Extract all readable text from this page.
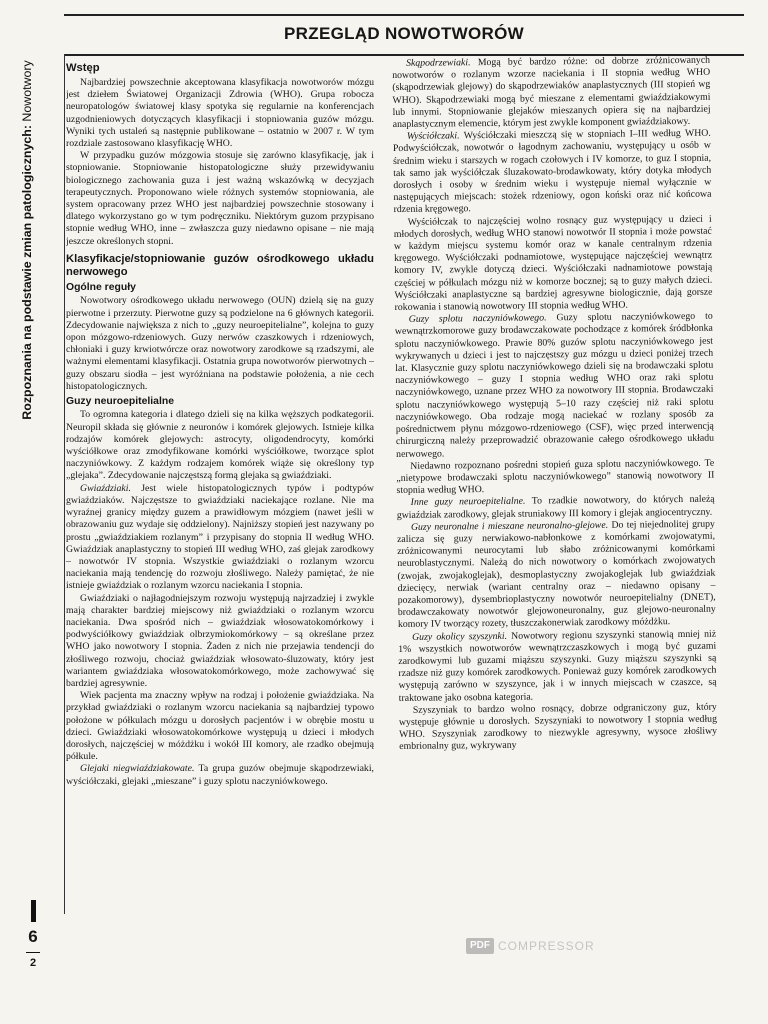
Rozpoznania na podstawie zmian patologicznych: Nowotwory
6
2
PRZEGLĄD NOWOTWORÓW
Wstęp

Najbardziej powszechnie akceptowana klasyfikacja nowotworów mózgu jest dziełem Światowej Organizacji Zdrowia (WHO). Grupa robocza neuropatologów światowej klasy spotyka się regularnie na konferencjach uzgodnieniowych dotyczących klasyfikacji i stopniowania guzów mózgu. Wyniki tych ustaleń są następnie publikowane – ostatnio w 2007 r. W tym rozdziale zastosowano klasyfikację WHO.

W przypadku guzów mózgowia stosuje się zarówno klasyfikację, jak i stopniowanie. Stopniowanie histopatologiczne służy przewidywaniu biologicznego zachowania guza i jest ważną wskazówką w decyzjach terapeutycznych. Proponowano wiele różnych systemów stopniowania, ale system opracowany przez WHO jest najbardziej powszechnie stosowany i dlatego wykorzystano go w tym podręczniku. Niektórym guzom przypisano stopnie według WHO, inne – zwłaszcza guzy niedawno opisane – nie mają jeszcze określonych stopni.

Klasyfikacje/stopniowanie guzów ośrodkowego układu nerwowego
Ogólne reguły

Nowotwory ośrodkowego układu nerwowego (OUN) dzielą się na guzy pierwotne i przerzuty. Pierwotne guzy są podzielone na 6 głównych kategorii. Zdecydowanie największa z nich to „guzy neuroepitelialne”, kolejna to guzy opon mózgowo-rdzeniowych. Guzy nerwów czaszkowych i rdzeniowych, chłoniaki i guzy krwiotwórcze oraz nowotwory zarodkowe są rzadszymi, ale ważnymi elementami klasyfikacji. Ostatnia grupa nowotworów pierwotnych – guzy obszaru siodła – jest wyróżniana na podstawie położenia, a nie cech histopatologicznych.

Guzy neuroepitelialne

To ogromna kategoria i dlatego dzieli się na kilka węższych podkategorii. Neuropil składa się głównie z neuronów i komórek glejowych. Istnieje kilka rodzajów komórek glejowych: astrocyty, oligodendrocyty, komórki wyściółkowe oraz zmodyfikowane komórki wyściółkowe, tworzące splot naczyniówkowy. Z każdym rodzajem komórek wiąże się określony typ „glejaka”. Zdecydowanie najczęstszą formą glejaka są gwiaździaki.

Gwiaździaki. Jest wiele histopatologicznych typów i podtypów gwiaździaków. Najczęstsze to gwiaździaki naciekające rozlane. Nie ma wyraźnej granicy między guzem a prawidłowym mózgiem (nawet jeśli w obrazowaniu guz wydaje się oddzielony). Najniższy stopień jest nazywany po prostu „gwiaździakiem rozlanym” i przypisany do stopnia II według WHO. Gwiaździak anaplastyczny to stopień III według WHO, zaś glejak zarodkowy – nowotwór IV stopnia. Wszystkie gwiaździaki o rozlanym wzorcu naciekania mają tendencję do rozwoju złośliwego. Należy pamiętać, że nie istnieje gwiaździak o rozlanym wzorcu naciekania I stopnia.

Gwiaździaki o najłagodniejszym rozwoju występują najrzadziej i zwykle mają charakter bardziej miejscowy niż gwiaździaki o rozlanym wzorcu naciekania. Dwa spośród nich – gwiaździak włosowatokomórkowy i podwyściółkowy gwiaździak olbrzymiokomórkowy – są określane przez WHO jako nowotwory I stopnia. Żaden z nich nie przejawia tendencji do złośliwego rozwoju, chociaż gwiaździak włosowato-śluzowaty, który jest wariantem gwiaździaka włosowatokomórkowego, może zachowywać się bardziej agresywnie.

Wiek pacjenta ma znaczny wpływ na rodzaj i położenie gwiaździaka. Na przykład gwiaździaki o rozlanym wzorcu naciekania są najbardziej typowo położone w półkulach mózgu u dorosłych pacjentów i w obrębie mostu u dzieci. Gwiaździaki włosowatokomórkowe występują u dzieci i młodych dorosłych, najczęściej w móżdżku i wokół III komory, ale rzadko obejmują półkule.

Glejaki niegwiaździakowate. Ta grupa guzów obejmuje skąpodrzewiaki, wyściółczaki, glejaki „mieszane” i guzy splotu naczyniówkowego.

Skąpodrzewiaki. Mogą być bardzo różne: od dobrze zróżnicowanych nowotworów o rozlanym wzorze naciekania i II stopnia według WHO (skąpodrzewiak glejowy) do skąpodrzewiaków anaplastycznych (III stopień wg WHO). Skąpodrzewiaki mogą być mieszane z elementami gwiaździakowymi lub innymi. Stopniowanie glejaków mieszanych opiera się na najbardziej anaplastycznym elemencie, którym jest zwykle komponent gwiaździakowy.

Wyściółczaki. Wyściółczaki mieszczą się w stopniach I–III według WHO. Podwyściółczak, nowotwór o łagodnym zachowaniu, występujący u osób w średnim wieku i starszych w rogach czołowych i IV komorze, to guz I stopnia, tak samo jak wyściółczak śluzakowato-brodawkowaty, który dotyka młodych dorosłych i osoby w średnim wieku i występuje niemal wyłącznie w następujących miejscach: stożek rdzeniowy, ogon koński oraz nić końcowa rdzenia kręgowego.

Wyściółczak to najczęściej wolno rosnący guz występujący u dzieci i młodych dorosłych, według WHO stanowi nowotwór II stopnia i może powstać w każdym miejscu systemu komór oraz w kanale centralnym rdzenia kręgowego. Wyściółczaki podnamiotowe, występujące najczęściej wewnątrz komory IV, zwykle dotyczą dzieci. Wyściółczaki nadnamiotowe powstają częściej w półkulach mózgu niż w komorze bocznej; są to guzy małych dzieci. Wyściółczaki anaplastyczne są bardziej agresywne biologicznie, dają gorsze rokowania i stanowią nowotwory III stopnia według WHO.

Guzy splotu naczyniówkowego. Guzy splotu naczyniówkowego to wewnątrzkomorowe guzy brodawczakowate pochodzące z komórek śródbłonka splotu naczyniówkowego. Prawie 80% guzów splotu naczyniówkowego jest wykrywanych u dzieci i jest to najczęstszy guz mózgu u dzieci poniżej trzech lat. Klasycznie guzy splotu naczyniówkowego dzieli się na brodawczaki splotu naczyniówkowego – guzy I stopnia według WHO oraz raki splotu naczyniówkowego, uznane przez WHO za nowotwory III stopnia. Brodawczaki splotu naczyniówkowego występują 5–10 razy częściej niż raki splotu naczyniówkowego. Oba rodzaje mogą naciekać w rozlany sposób za pośrednictwem płynu mózgowo-rdzeniowego (CSF), więc przed interwencją chirurgiczną należy przeprowadzić obrazowanie całego ośrodkowego układu nerwowego.

Niedawno rozpoznano pośredni stopień guza splotu naczyniówkowego. Te „nietypowe brodawczaki splotu naczyniówkowego” stanowią nowotwory II stopnia według WHO.

Inne guzy neuroepitelialne. To rzadkie nowotwory, do których należą gwiaździak zarodkowy, glejak struniakowy III komory i glejak angiocentryczny.

Guzy neuronalne i mieszane neuronalno-glejowe. Do tej niejednolitej grupy zalicza się guzy nerwiakowo-nabłonkowe z komórkami zwojowatymi, zróżnicowanymi neurocytami lub słabo zróżnicowanymi komórkami neuroblastycznymi. Należą do nich nowotwory o komórkach zwojowatych (zwojak, zwojakoglejak), desmoplastyczny zwojakoglejak lub gwiaździak dziecięcy, nerwiak (wariant centralny oraz – niedawno opisany – pozakomorowy), dysembrioplastyczny nowotwór neuroepitelialny (DNET), brodawczakowaty nowotwór glejowoneuronalny, guz glejowo-neuronalny komory IV tworzący rozety, tłuszczakonerwiak zarodkowy móżdżku.

Guzy okolicy szyszynki. Nowotwory regionu szyszynki stanowią mniej niż 1% wszystkich nowotworów wewnątrzczaszkowych i mogą być guzami zarodkowymi lub guzami miąższu szyszynki. Guzy miąższu szyszynki są rzadsze niż guzy komórek zarodkowych. Ponieważ guzy komórek zarodkowych występują zarówno w szyszynce, jak i w innych miejscach w czaszce, są traktowane jako osobna kategoria.

Szyszyniak to bardzo wolno rosnący, dobrze odgraniczony guz, który występuje głównie u dorosłych. Szyszyniaki to nowotwory I stopnia według WHO. Szyszyniak zarodkowy to niezwykle agresywny, wysoce złośliwy embrionalny guz, wykrywany

PDF COMPRESSOR
